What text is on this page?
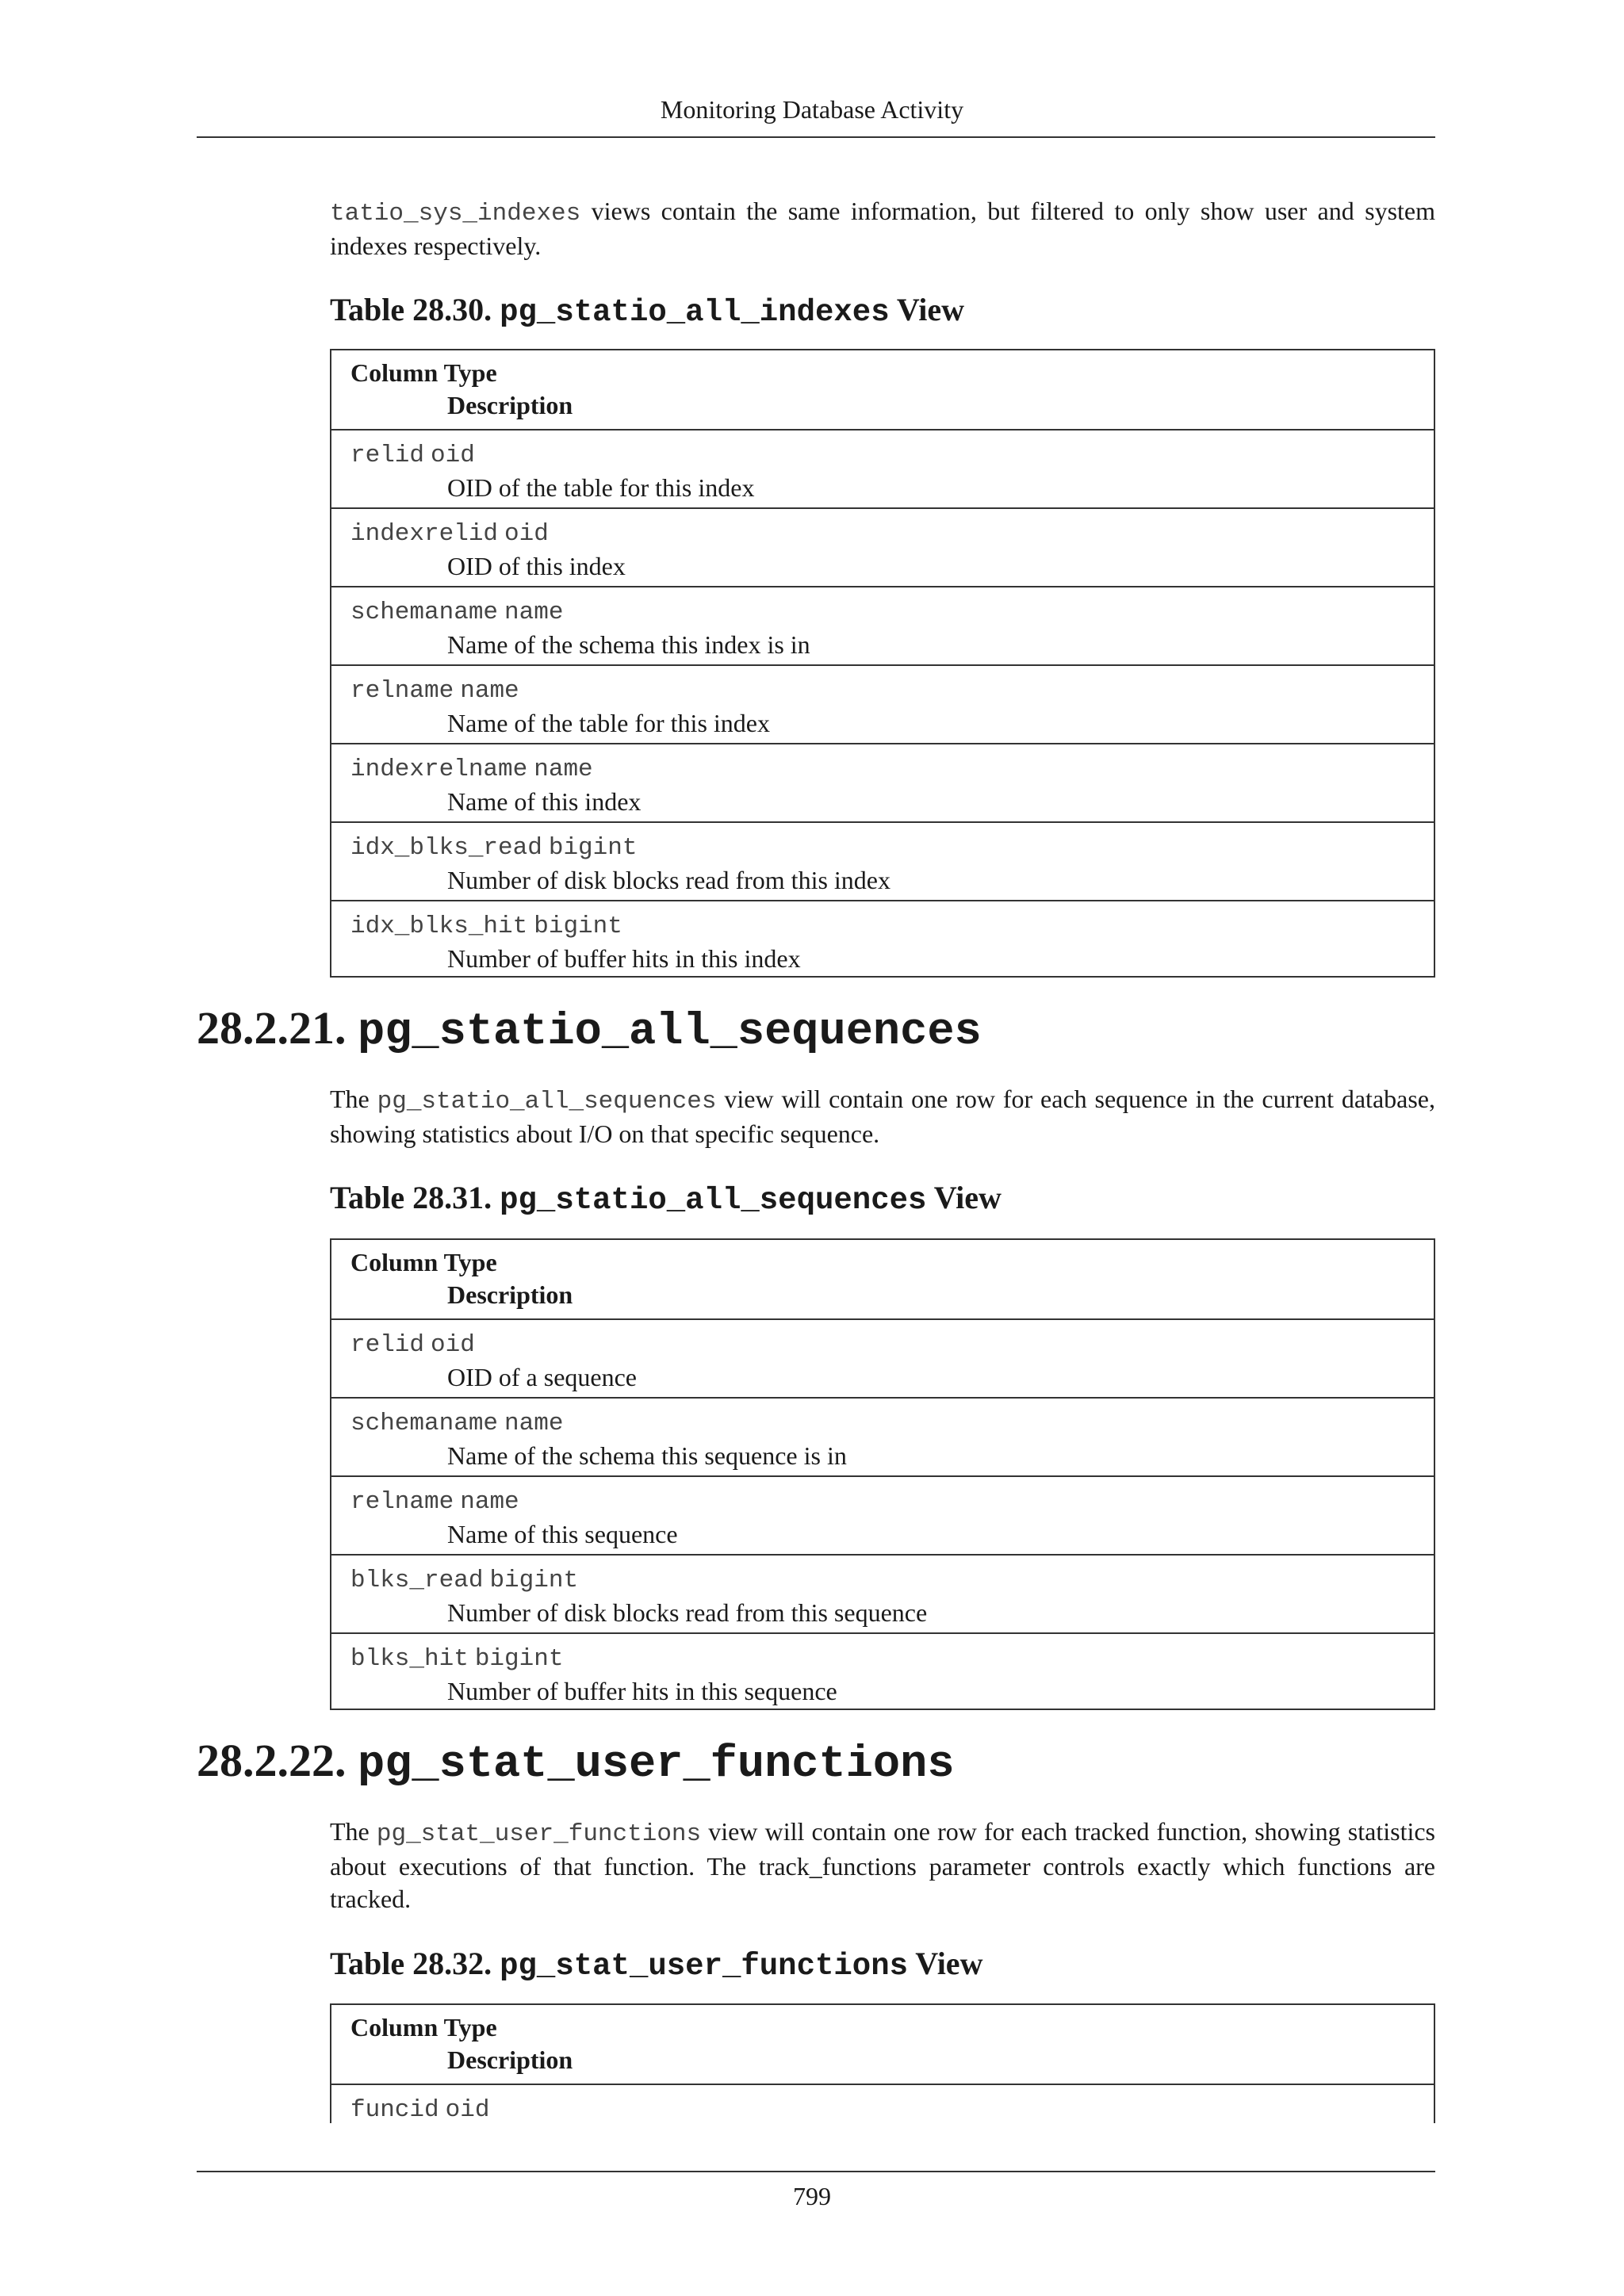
Monitoring Database Activity

tatio_sys_indexes views contain the same information, but filtered to only show user and system indexes respectively.

Table 28.30. pg_statio_all_indexes View
Column Type
Description
relid oid
OID of the table for this index
indexrelid oid
OID of this index
schemaname name
Name of the schema this index is in
relname name
Name of the table for this index
indexrelname name
Name of this index
idx_blks_read bigint
Number of disk blocks read from this index
idx_blks_hit bigint
Number of buffer hits in this index
28.2.21. pg_statio_all_sequences

The pg_statio_all_sequences view will contain one row for each sequence in the current database, showing statistics about I/O on that specific sequence.

Table 28.31. pg_statio_all_sequences View
Column Type
Description
relid oid
OID of a sequence
schemaname name
Name of the schema this sequence is in
relname name
Name of this sequence
blks_read bigint
Number of disk blocks read from this sequence
blks_hit bigint
Number of buffer hits in this sequence
28.2.22. pg_stat_user_functions

The pg_stat_user_functions view will contain one row for each tracked function, showing statistics about executions of that function. The track_functions parameter controls exactly which functions are tracked.

Table 28.32. pg_stat_user_functions View
Column Type
Description
funcid oid
799
